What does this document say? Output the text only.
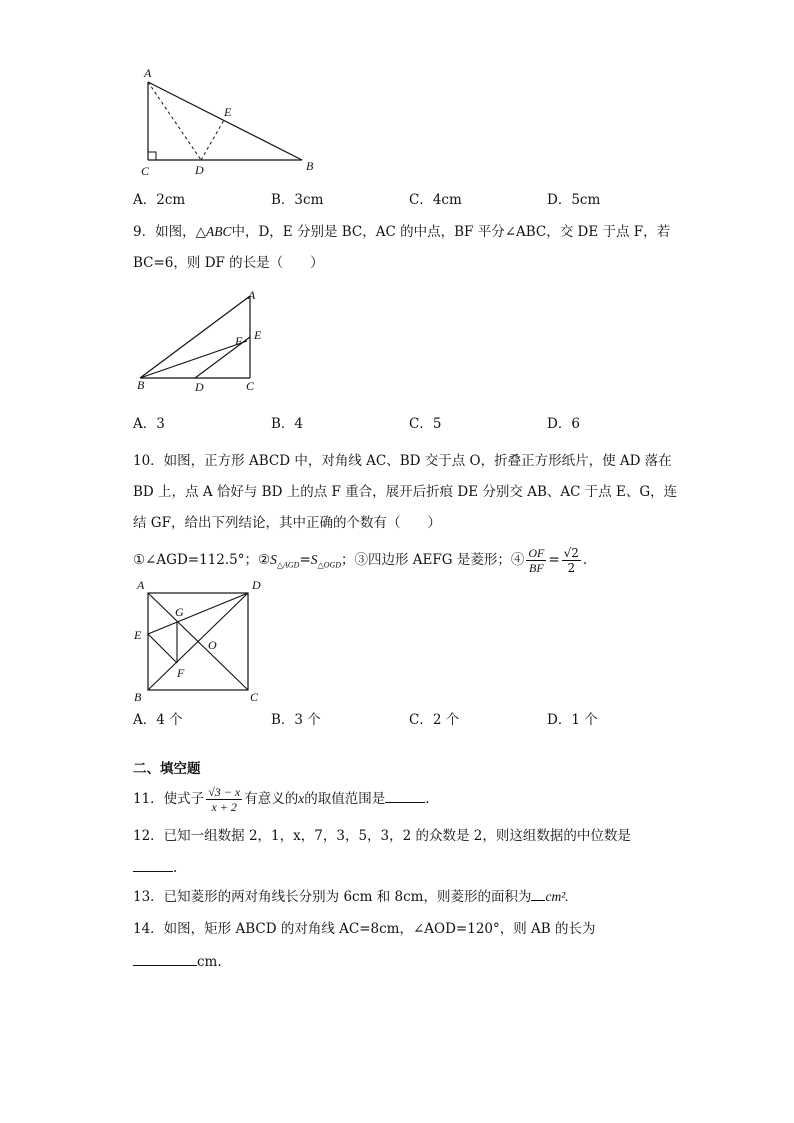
A
C	D
E
B
A．2cm	B．3cm	C．4cm	D．5cm
9．如图，△ABC中，D，E 分别是 BC，AC 的中点，BF 平分∠ABC，交 DE 于点 F，若
BC=6，则 DF 的长是（　　）
A
E
F
B	D	C
A．3	B．4	C．5	D．6
10．如图，正方形 ABCD 中，对角线 AC、BD 交于点 O，折叠正方形纸片，使 AD 落在
BD 上，点 A 恰好与 BD 上的点 F 重合，展开后折痕 DE 分别交 AB、AC 于点 E、G，连
结 GF，给出下列结论，其中正确的个数有（　　）
①∠AGD=112.5°；$②S_{\triangle AGD}=S_{\triangle OGD}$；③四边形 AEFG 是菱形；④ $\frac{OF}{BF} = \frac{√2}{2}$ .
A	D
E
G
O
F
B	C
A．4 个	B．3 个	C．2 个	D．1 个
二、填空题
11．使式子 $\frac{√3 - x}{x + 2}$ 有意义的x的取值范围是	.
12．已知一组数据 2，1，x，7，3，5，3，2 的众数是 2，则这组数据的中位数是
.
13．已知菱形的两对角线长分别为 6cm 和 8cm，则菱形的面积为 cm².
14．如图，矩形 ABCD 的对角线 AC=8cm，∠AOD=120°，则 AB 的长为
cm.
